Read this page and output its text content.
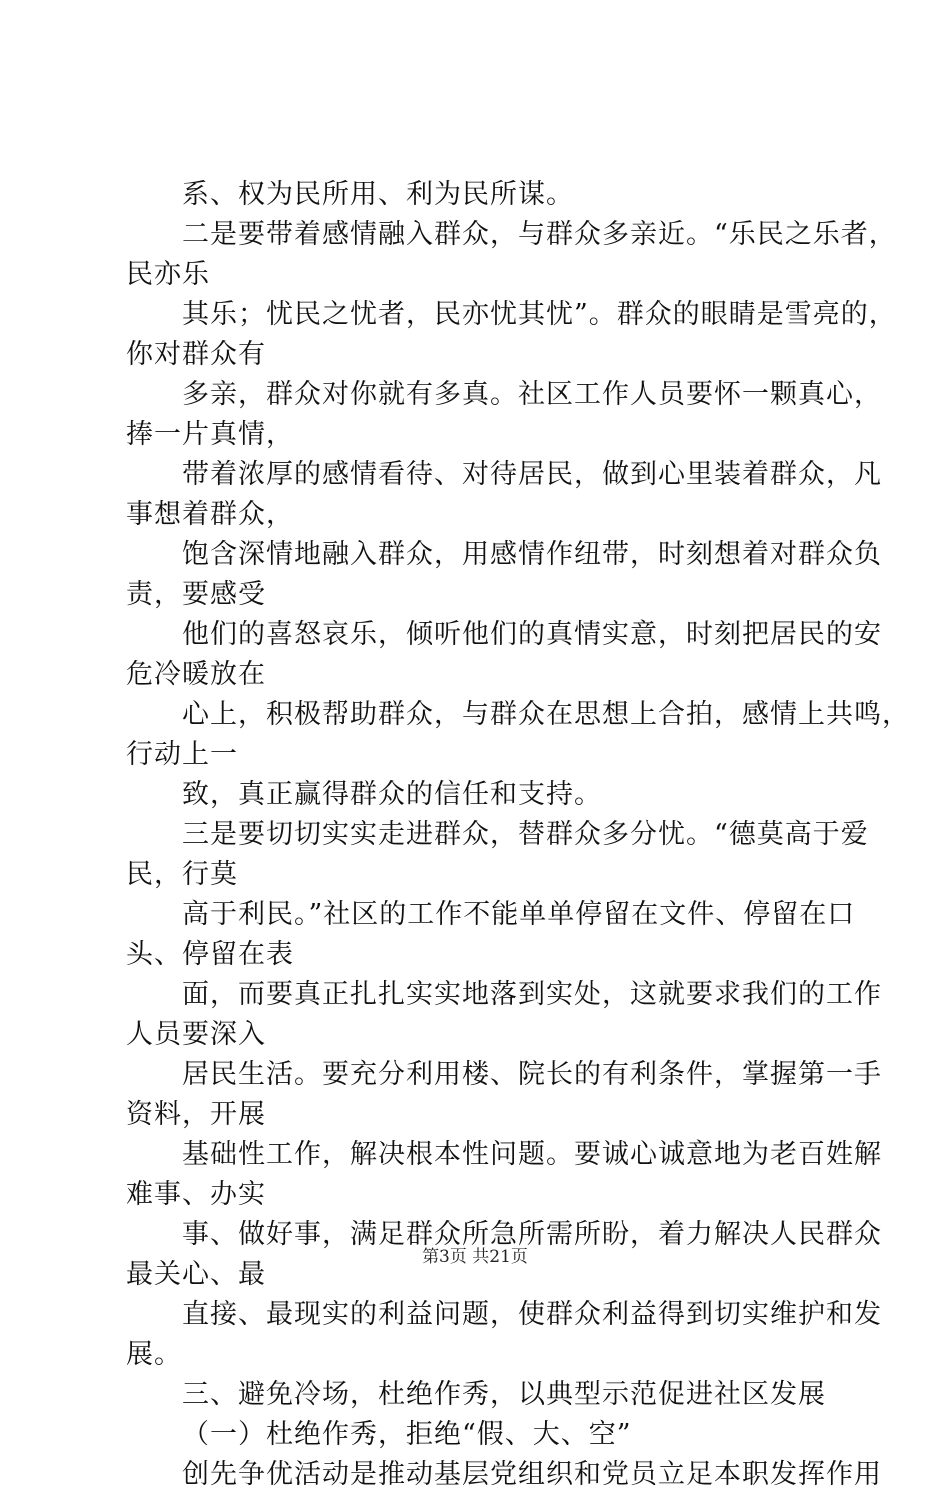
系、权为民所用、利为民所谋。
二是要带着感情融入群众，与群众多亲近。“乐民之乐者，
民亦乐
其乐；忧民之忧者，民亦忧其忧”。群众的眼睛是雪亮的，
你对群众有
多亲，群众对你就有多真。社区工作人员要怀一颗真心，
捧一片真情，
带着浓厚的感情看待、对待居民，做到心里装着群众，凡
事想着群众，
饱含深情地融入群众，用感情作纽带，时刻想着对群众负
责，要感受
他们的喜怒哀乐，倾听他们的真情实意，时刻把居民的安
危冷暖放在
心上，积极帮助群众，与群众在思想上合拍，感情上共鸣，
行动上一
致，真正赢得群众的信任和支持。
三是要切切实实走进群众，替群众多分忧。“德莫高于爱
民，行莫
高于利民。”社区的工作不能单单停留在文件、停留在口
头、停留在表
面，而要真正扎扎实实地落到实处，这就要求我们的工作
人员要深入
居民生活。要充分利用楼、院长的有利条件，掌握第一手
资料，开展
基础性工作，解决根本性问题。要诚心诚意地为老百姓解
难事、办实
事、做好事，满足群众所急所需所盼，着力解决人民群众
最关心、最
直接、最现实的利益问题，使群众利益得到切实维护和发
展。
三、避免冷场，杜绝作秀，以典型示范促进社区发展
（一）杜绝作秀，拒绝“假、大、空”
创先争优活动是推动基层党组织和党员立足本职发挥作用
第3页 共21页
